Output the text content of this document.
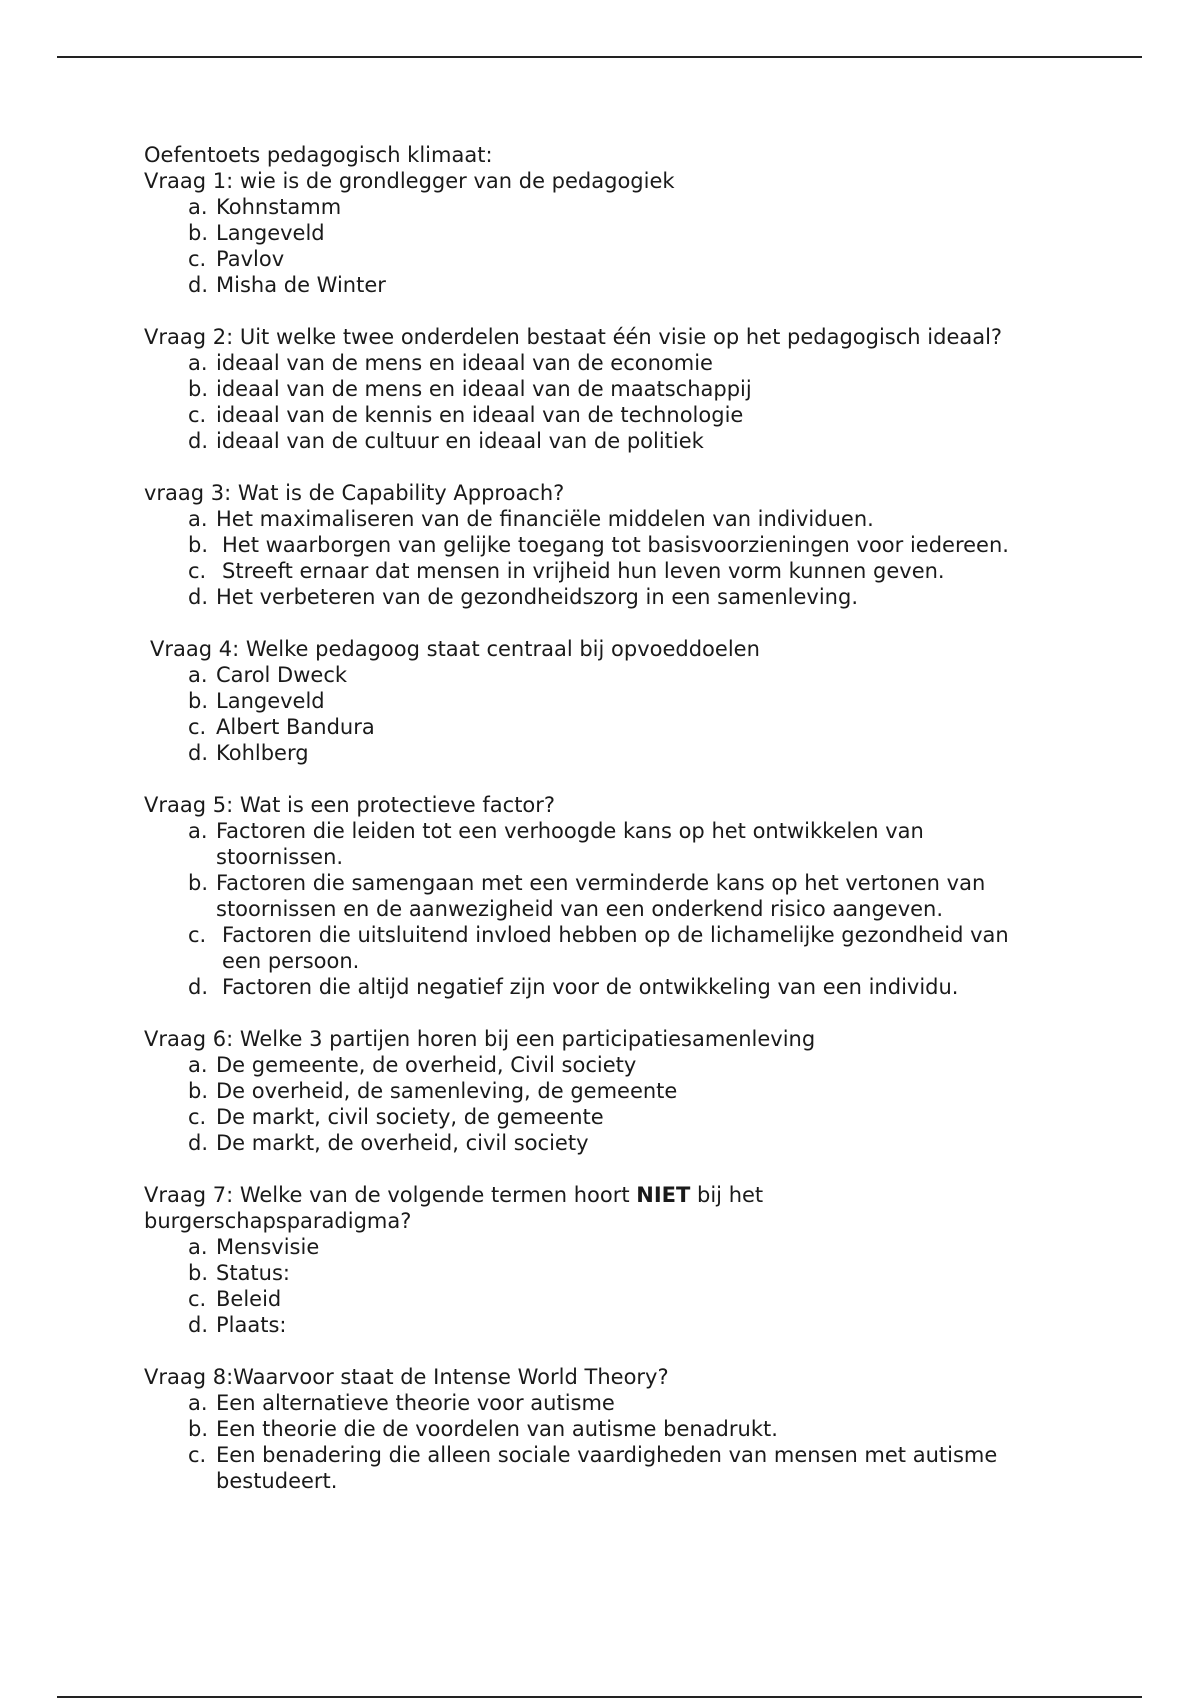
Oefentoets pedagogisch klimaat:

Vraag 1: wie is de grondlegger van de pedagogiek

a. Kohnstamm
b. Langeveld
c. Pavlov
d. Misha de Winter

Vraag 2: Uit welke twee onderdelen bestaat één visie op het pedagogisch ideaal?

a. ideaal van de mens en ideaal van de economie
b. ideaal van de mens en ideaal van de maatschappij
c. ideaal van de kennis en ideaal van de technologie
d. ideaal van de cultuur en ideaal van de politiek

vraag 3: Wat is de Capability Approach?

a. Het maximaliseren van de financiële middelen van individuen.
b. Het waarborgen van gelijke toegang tot basisvoorzieningen voor iedereen.
c. Streeft ernaar dat mensen in vrijheid hun leven vorm kunnen geven.
d. Het verbeteren van de gezondheidszorg in een samenleving.

Vraag 4: Welke pedagoog staat centraal bij opvoeddoelen

a. Carol Dweck
b. Langeveld
c. Albert Bandura
d. Kohlberg

Vraag 5: Wat is een protectieve factor?

a. Factoren die leiden tot een verhoogde kans op het ontwikkelen van stoornissen.
b. Factoren die samengaan met een verminderde kans op het vertonen van stoornissen en de aanwezigheid van een onderkend risico aangeven.
c. Factoren die uitsluitend invloed hebben op de lichamelijke gezondheid van een persoon.
d. Factoren die altijd negatief zijn voor de ontwikkeling van een individu.

Vraag 6: Welke 3 partijen horen bij een participatiesamenleving

a. De gemeente, de overheid, Civil society
b. De overheid, de samenleving, de gemeente
c. De markt, civil society, de gemeente
d. De markt, de overheid, civil society

Vraag 7: Welke van de volgende termen hoort NIET bij het burgerschapsparadigma?

a. Mensvisie
b. Status:
c. Beleid
d. Plaats:

Vraag 8:Waarvoor staat de Intense World Theory?

a. Een alternatieve theorie voor autisme
b. Een theorie die de voordelen van autisme benadrukt.
c. Een benadering die alleen sociale vaardigheden van mensen met autisme bestudeert.
